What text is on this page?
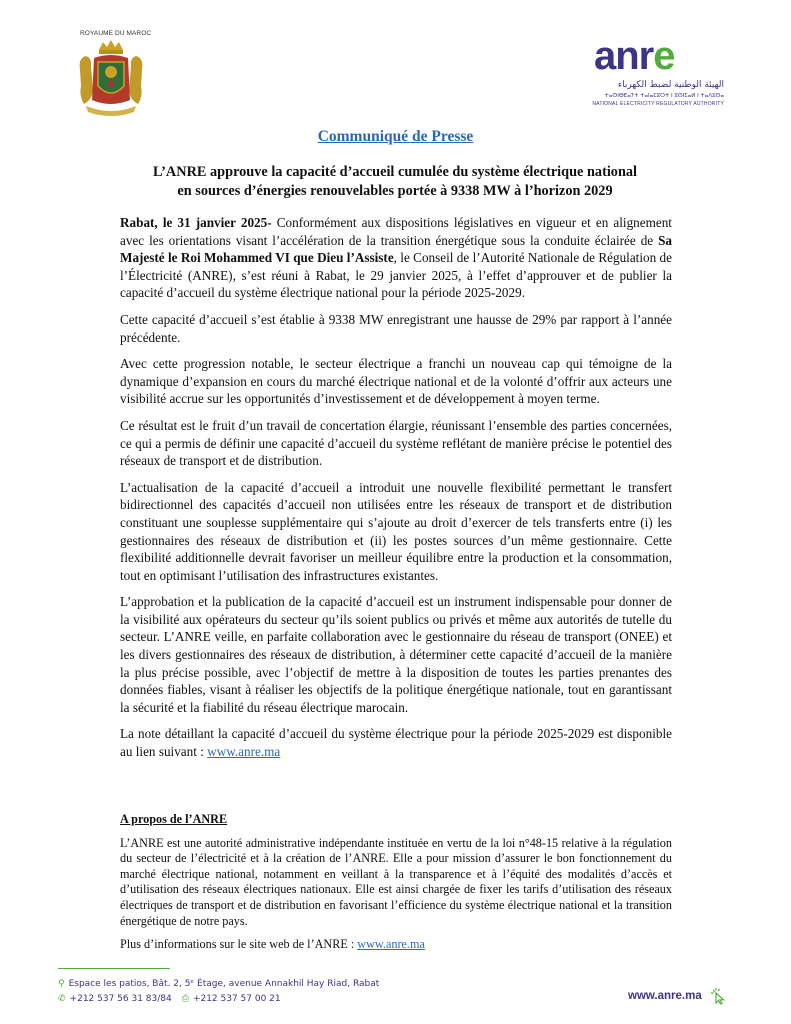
ROYAUME DU MAROC
anre
الهيئة الوطنية لضبط الكهرباء
ⵜⴰⵙⵏⴱⴹⴰⵢⵜ ⵜⴰⵏⴰⵎⵓⵔⵜ ⵏ ⵓⵙⵏⵎⴰⵍ ⵏ ⵜⴰⴷⵓⵙⴰ
NATIONAL ELECTRICITY REGULATORY AUTHORITY
Communiqué de Presse
L’ANRE approuve la capacité d’accueil cumulée du système électrique national
en sources d’énergies renouvelables portée à 9338 MW à l’horizon 2029

Rabat, le 31 janvier 2025- Conformément aux dispositions législatives en vigueur et en alignement avec les orientations visant l’accélération de la transition énergétique sous la conduite éclairée de Sa Majesté le Roi Mohammed VI que Dieu l’Assiste, le Conseil de l’Autorité Nationale de Régulation de l’Électricité (ANRE), s’est réuni à Rabat, le 29 janvier 2025, à l’effet d’approuver et de publier la capacité d’accueil du système électrique national pour la période 2025-2029.

Cette capacité d’accueil s’est établie à 9338 MW enregistrant une hausse de 29% par rapport à l’année précédente.

Avec cette progression notable, le secteur électrique a franchi un nouveau cap qui témoigne de la dynamique d’expansion en cours du marché électrique national et de la volonté d’offrir aux acteurs une visibilité accrue sur les opportunités d’investissement et de développement à moyen terme.

Ce résultat est le fruit d’un travail de concertation élargie, réunissant l’ensemble des parties concernées, ce qui a permis de définir une capacité d’accueil du système reflétant de manière précise le potentiel des réseaux de transport et de distribution.

L’actualisation de la capacité d’accueil a introduit une nouvelle flexibilité permettant le transfert bidirectionnel des capacités d’accueil non utilisées entre les réseaux de transport et de distribution constituant une souplesse supplémentaire qui s’ajoute au droit d’exercer de tels transferts entre (i) les gestionnaires des réseaux de distribution et (ii) les postes sources d’un même gestionnaire. Cette flexibilité additionnelle devrait favoriser un meilleur équilibre entre la production et la consommation, tout en optimisant l’utilisation des infrastructures existantes.

L’approbation et la publication de la capacité d’accueil est un instrument indispensable pour donner de la visibilité aux opérateurs du secteur qu’ils soient publics ou privés et même aux autorités de tutelle du secteur. L’ANRE veille, en parfaite collaboration avec le gestionnaire du réseau de transport (ONEE) et les divers gestionnaires des réseaux de distribution, à déterminer cette capacité d’accueil de la manière la plus précise possible, avec l’objectif de mettre à la disposition de toutes les parties prenantes des données fiables, visant à réaliser les objectifs de la politique énergétique nationale, tout en garantissant la sécurité et la fiabilité du réseau électrique marocain.

La note détaillant la capacité d’accueil du système électrique pour la période 2025-2029 est disponible au lien suivant : www.anre.ma

A propos de l’ANRE

L’ANRE est une autorité administrative indépendante instituée en vertu de la loi n°48-15 relative à la régulation du secteur de l’électricité et à la création de l’ANRE. Elle a pour mission d’assurer le bon fonctionnement du marché électrique national, notamment en veillant à la transparence et à l’équité des modalités d’accès et d’utilisation des réseaux électriques nationaux. Elle est ainsi chargée de fixer les tarifs d’utilisation des réseaux électriques de transport et de distribution en favorisant l’efficience du système électrique national et la transition énergétique de notre pays.

Plus d’informations sur le site web de l’ANRE : www.anre.ma

⚲ Espace les patios, Bât. 2, 5ᵉ Étage, avenue Annakhil Hay Riad, Rabat
✆ +212 537 56 31 83/84 ⎙ +212 537 57 00 21	www.anre.ma
